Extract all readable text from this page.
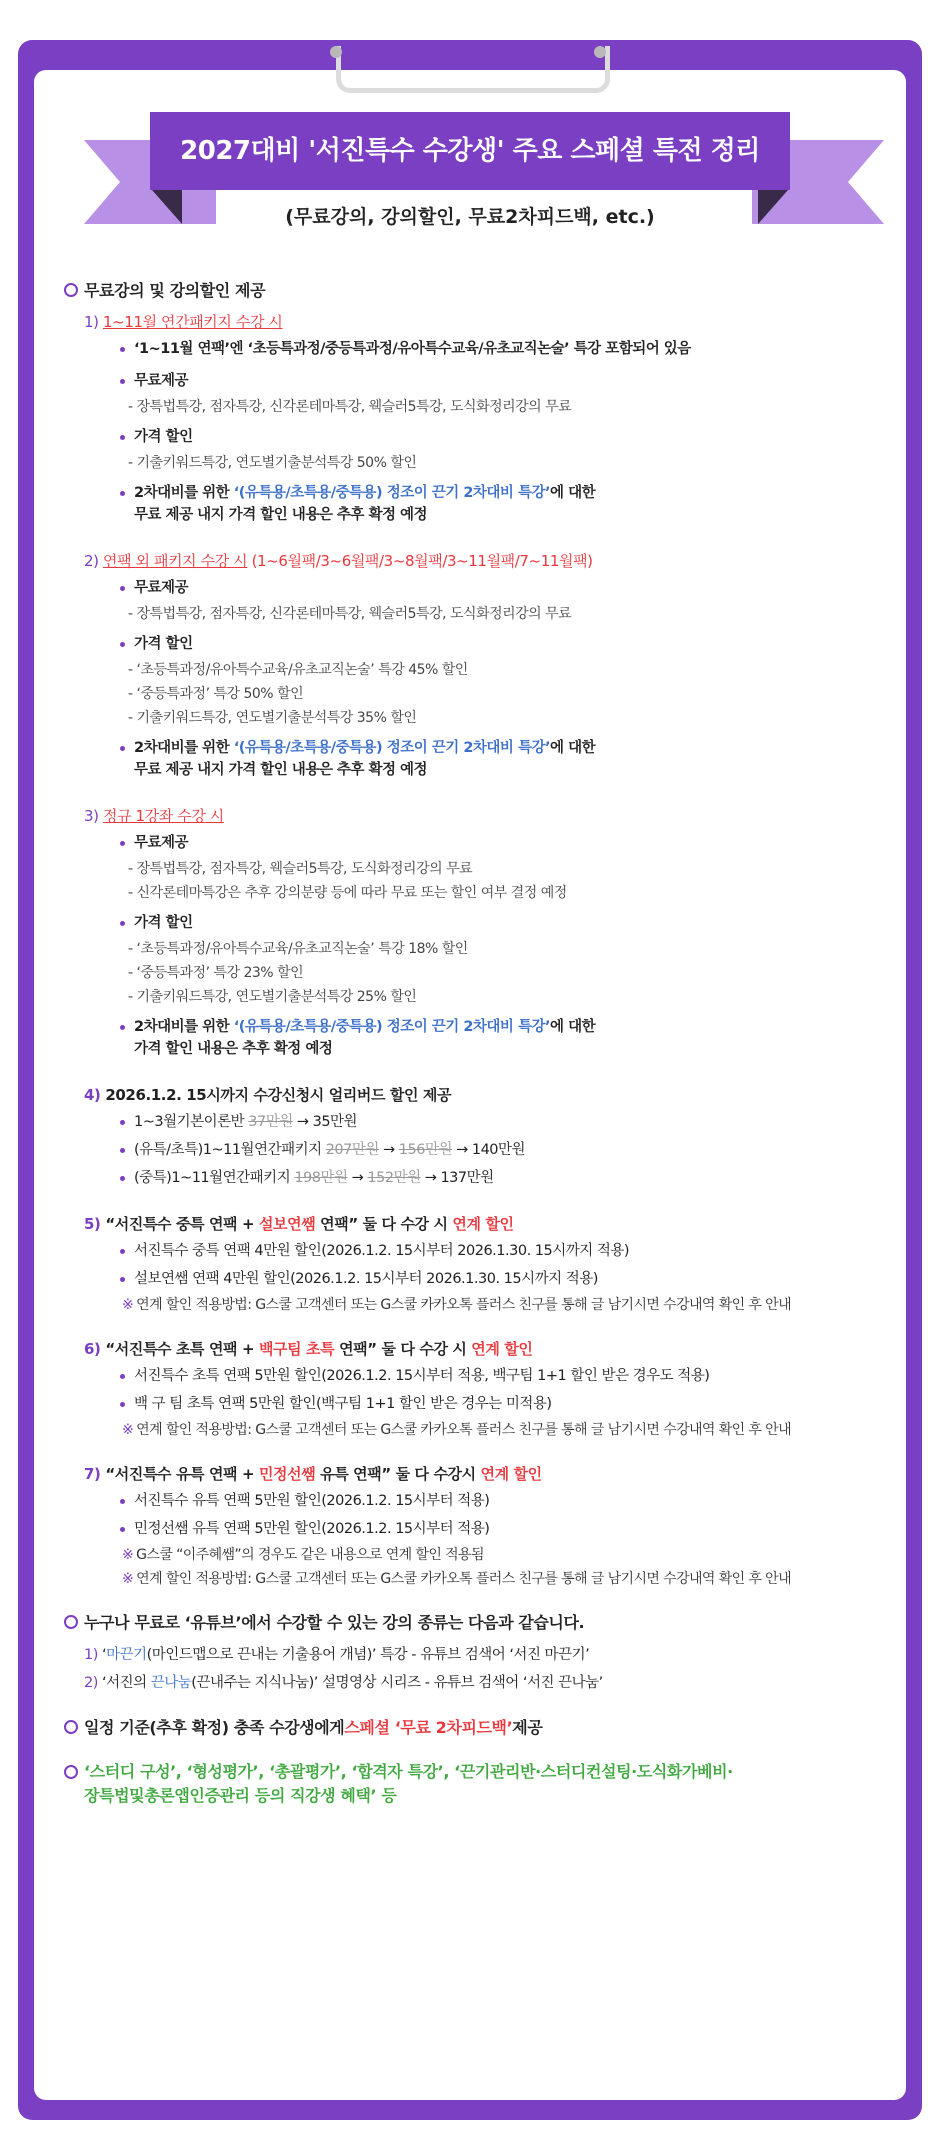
2027대비 '서진특수 수강생' 주요 스페셜 특전 정리
(무료강의, 강의할인, 무료2차피드백, etc.)
무료강의 및 강의할인 제공
1) 1~11월 연간패키지 수강 시
‘1~11월 연팩’엔 ‘초등특과정/중등특과정/유아특수교육/유초교직논술’ 특강 포함되어 있음
무료제공
- 장특법특강, 점자특강, 신각론테마특강, 웩슬러5특강, 도식화정리강의 무료
가격 할인
- 기출키워드특강, 연도별기출분석특강 50% 할인
2차대비를 위한 ‘(유특용/초특용/중특용) 정조이 끈기 2차대비 특강’에 대한
무료 제공 내지 가격 할인 내용은 추후 확정 예정
2) 연팩 외 패키지 수강 시 (1~6월팩/3~6월팩/3~8월팩/3~11월팩/7~11월팩)
무료제공
- 장특법특강, 점자특강, 신각론테마특강, 웩슬러5특강, 도식화정리강의 무료
가격 할인
- ‘초등특과정/유아특수교육/유초교직논술’ 특강 45% 할인
- ‘중등특과정’ 특강 50% 할인
- 기출키워드특강, 연도별기출분석특강 35% 할인
2차대비를 위한 ‘(유특용/초특용/중특용) 정조이 끈기 2차대비 특강’에 대한
무료 제공 내지 가격 할인 내용은 추후 확정 예정
3) 정규 1강좌 수강 시
무료제공
- 장특법특강, 점자특강, 웩슬러5특강, 도식화정리강의 무료
- 신각론테마특강은 추후 강의분량 등에 따라 무료 또는 할인 여부 결정 예정
가격 할인
- ‘초등특과정/유아특수교육/유초교직논술’ 특강 18% 할인
- ‘중등특과정’ 특강 23% 할인
- 기출키워드특강, 연도별기출분석특강 25% 할인
2차대비를 위한 ‘(유특용/초특용/중특용) 정조이 끈기 2차대비 특강’에 대한
가격 할인 내용은 추후 확정 예정
4) 2026.1.2. 15시까지 수강신청시 얼리버드 할인 제공
1~3월기본이론반 37만원 → 35만원
(유특/초특)1~11월연간패키지 207만원 → 156만원 → 140만원
(중특)1~11월연간패키지 198만원 → 152만원 → 137만원
5) “서진특수 중특 연팩 + 설보연쌤 연팩” 둘 다 수강 시 연계 할인
서진특수 중특 연팩 4만원 할인(2026.1.2. 15시부터 2026.1.30. 15시까지 적용)
설보연쌤 연팩 4만원 할인(2026.1.2. 15시부터 2026.1.30. 15시까지 적용)
※ 연계 할인 적용방법: G스쿨 고객센터 또는 G스쿨 카카오톡 플러스 친구를 통해 글 남기시면 수강내역 확인 후 안내
6) “서진특수 초특 연팩 + 백구팀 초특 연팩” 둘 다 수강 시 연계 할인
서진특수 초특 연팩 5만원 할인(2026.1.2. 15시부터 적용, 백구팀 1+1 할인 받은 경우도 적용)
백 구 팀 초특 연팩 5만원 할인(백구팀 1+1 할인 받은 경우는 미적용)
※ 연계 할인 적용방법: G스쿨 고객센터 또는 G스쿨 카카오톡 플러스 친구를 통해 글 남기시면 수강내역 확인 후 안내
7) “서진특수 유특 연팩 + 민정선쌤 유특 연팩” 둘 다 수강시 연계 할인
서진특수 유특 연팩 5만원 할인(2026.1.2. 15시부터 적용)
민정선쌤 유특 연팩 5만원 할인(2026.1.2. 15시부터 적용)
※ G스쿨 “이주혜쌤”의 경우도 같은 내용으로 연계 할인 적용됨
※ 연계 할인 적용방법: G스쿨 고객센터 또는 G스쿨 카카오톡 플러스 친구를 통해 글 남기시면 수강내역 확인 후 안내
누구나 무료로 ‘유튜브’에서 수강할 수 있는 강의 종류는 다음과 같습니다.
1) ‘마끈기(마인드맵으로 끈내는 기출용어 개념)’ 특강 - 유튜브 검색어 ‘서진 마끈기’
2) ‘서진의 끈나눔(끈내주는 지식나눔)’ 설명영상 시리즈 - 유튜브 검색어 ‘서진 끈나눔’
일정 기준(추후 확정) 충족 수강생에게 스페셜 ‘무료 2차피드백’ 제공
‘스터디 구성’, ‘형성평가’, ‘총괄평가’, ‘합격자 특강’, ‘끈기관리반·스터디컨설팅·도식화가베비·
장특법및총론앱인증관리 등의 직강생 혜택’ 등
